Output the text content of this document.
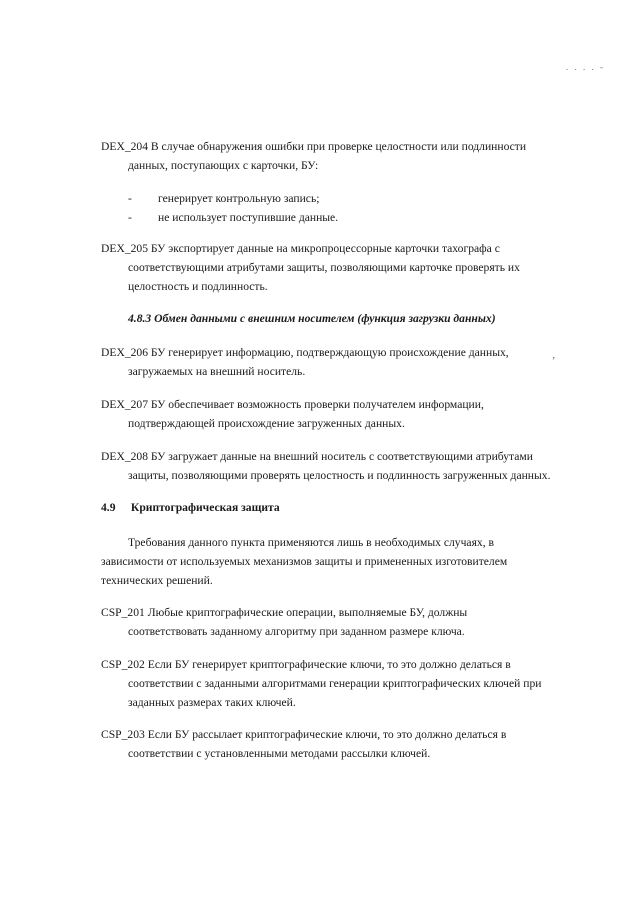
. . . . -
‚
DEX_204 В случае обнаружения ошибки при проверке целостности или подлинности
данных, поступающих с карточки, БУ:
- генерирует контрольную запись;
- не использует поступившие данные.
DEX_205 БУ экспортирует данные на микропроцессорные карточки тахографа с
соответствующими атрибутами защиты, позволяющими карточке проверять их
целостность и подлинность.
4.8.3 Обмен данными с внешним носителем (функция загрузки данных)
DEX_206 БУ генерирует информацию, подтверждающую происхождение данных,
загружаемых на внешний носитель.
DEX_207 БУ обеспечивает возможность проверки получателем информации,
подтверждающей происхождение загруженных данных.
DEX_208 БУ загружает данные на внешний носитель с соответствующими атрибутами
защиты, позволяющими проверять целостность и подлинность загруженных данных.
4.9 Криптографическая защита
Требования данного пункта применяются лишь в необходимых случаях, в
зависимости от используемых механизмов защиты и примененных изготовителем
технических решений.
CSP_201 Любые криптографические операции, выполняемые БУ, должны
соответствовать заданному алгоритму при заданном размере ключа.
CSP_202 Если БУ генерирует криптографические ключи, то это должно делаться в
соответствии с заданными алгоритмами генерации криптографических ключей при
заданных размерах таких ключей.
CSP_203 Если БУ рассылает криптографические ключи, то это должно делаться в
соответствии с установленными методами рассылки ключей.
